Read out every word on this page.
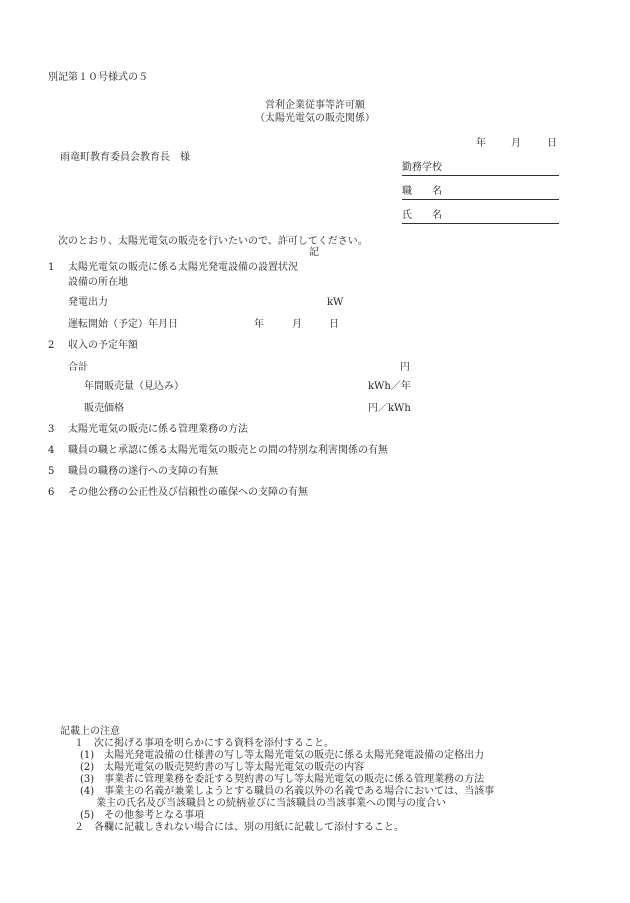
別記第１０号様式の５
営利企業従事等許可願
（太陽光電気の販売関係）
年	月	日
雨竜町教育委員会教育長　様
勤務学校
職　　名
氏　　名
次のとおり、太陽光電気の販売を行いたいので、許可してください。
記
1 太陽光電気の販売に係る太陽光発電設備の設置状況
設備の所在地
発電出力	kW
運転開始（予定）年月日	年	月	日
2 収入の予定年額
合計	円
年間販売量（見込み）	kWh／年
販売価格	円／kWh
3 太陽光電気の販売に係る管理業務の方法
4 職員の職と承認に係る太陽光電気の販売との間の特別な利害関係の有無
5 職員の職務の遂行への支障の有無
6 その他公務の公正性及び信頼性の確保への支障の有無
記載上の注意
１　次に掲げる事項を明らかにする資料を添付すること。
(1)　太陽光発電設備の仕様書の写し等太陽光電気の販売に係る太陽光発電設備の定格出力
(2)　太陽光電気の販売契約書の写し等太陽光電気の販売の内容
(3)　事業者に管理業務を委託する契約書の写し等太陽光電気の販売に係る管理業務の方法
(4)　事業主の名義が兼業しようとする職員の名義以外の名義である場合においては、当該事
業主の氏名及び当該職員との続柄並びに当該職員の当該事業への関与の度合い
(5)　その他参考となる事項
２　各欄に記載しきれない場合には、別の用紙に記載して添付すること。
